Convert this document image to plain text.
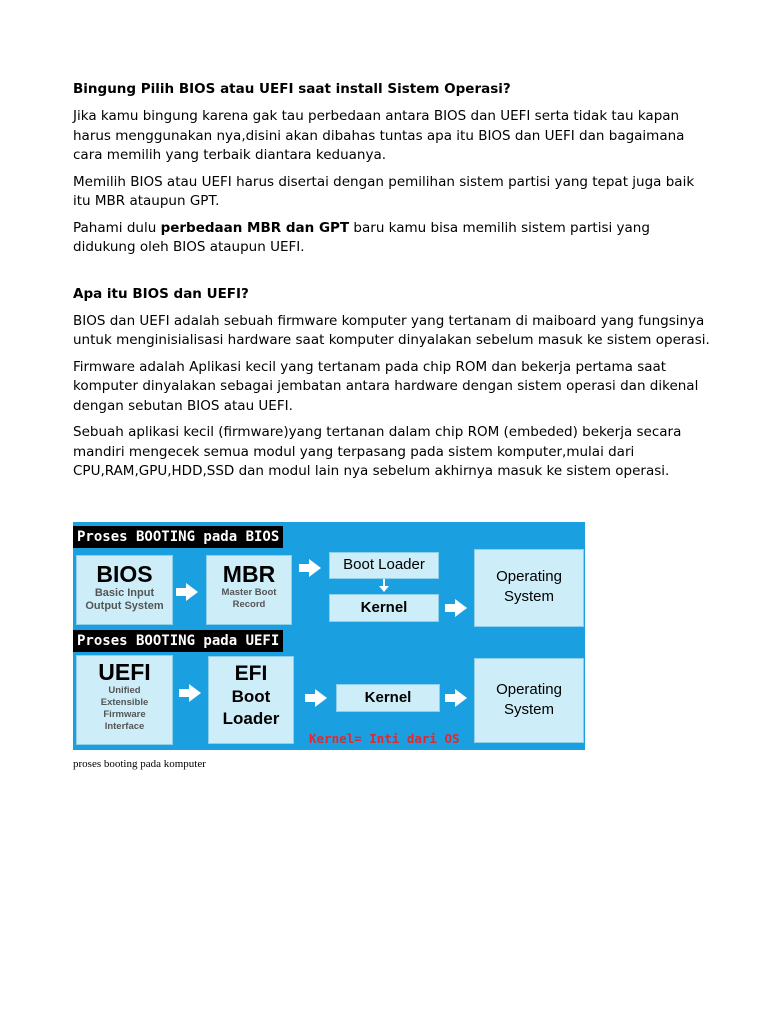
Bingung Pilih BIOS atau UEFI saat install Sistem Operasi?

Jika kamu bingung karena gak tau perbedaan antara BIOS dan UEFI serta tidak tau kapan harus menggunakan nya,disini akan dibahas tuntas apa itu BIOS dan UEFI dan bagaimana cara memilih yang terbaik diantara keduanya.

Memilih BIOS atau UEFI harus disertai dengan pemilihan sistem partisi yang tepat juga baik itu MBR ataupun GPT.

Pahami dulu perbedaan MBR dan GPT baru kamu bisa memilih sistem partisi yang didukung oleh BIOS ataupun UEFI.

Apa itu BIOS dan UEFI?

BIOS dan UEFI adalah sebuah firmware komputer yang tertanam di maiboard yang fungsinya untuk menginisialisasi hardware saat komputer dinyalakan sebelum masuk ke sistem operasi.

Firmware adalah Aplikasi kecil yang tertanam pada chip ROM dan bekerja pertama saat komputer dinyalakan sebagai jembatan antara hardware dengan sistem operasi dan dikenal dengan sebutan BIOS atau UEFI.

Sebuah aplikasi kecil (firmware)yang tertanan dalam chip ROM (embeded) bekerja secara mandiri mengecek semua modul yang terpasang pada sistem komputer,mulai dari CPU,RAM,GPU,HDD,SSD dan modul lain nya sebelum akhirnya masuk ke sistem operasi.

Proses BOOTING pada BIOS
BIOS
Basic Input
Output System
MBR
Master Boot
Record
Boot Loader
Kernel
Operating
System
Proses BOOTING pada UEFI
UEFI
Unified
Extensible
Firmware
Interface
EFI
Boot
Loader
Kernel	Operating
System
Kernel= Inti dari OS
proses booting pada komputer
